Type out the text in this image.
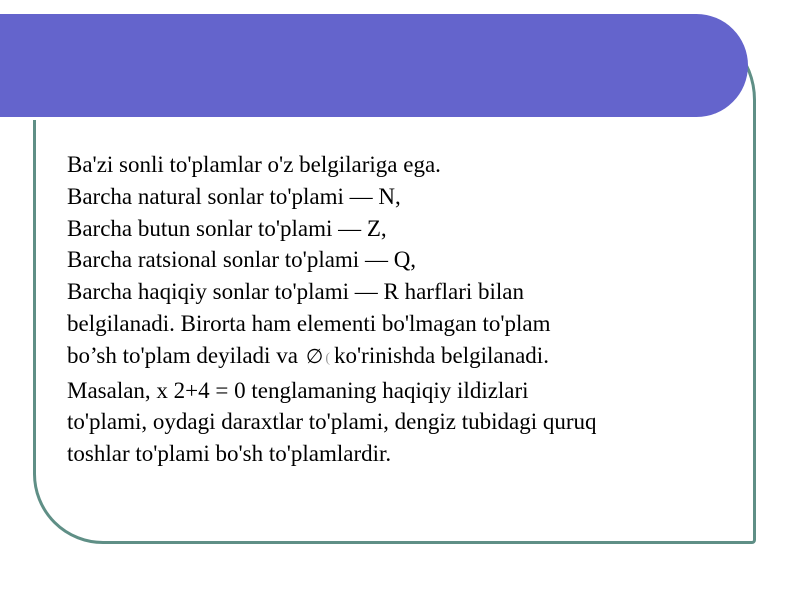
Ba'zi sonli to'plamlar o'z belgilariga ega.
Barcha natural sonlar to'plami — N,
Barcha butun sonlar to'plami — Z,
Barcha ratsional sonlar to'plami — Q,
Barcha haqiqiy sonlar to'plami — R harflari bilan
belgilanadi. Birorta ham elementi bo'lmagan to'plam
bo’sh to'plam deyiladi va ∅ ( ko'rinishda belgilanadi.
Masalan, x 2+4 = 0 tenglamaning haqiqiy ildizlari
to'plami, oydagi daraxtlar to'plami, dengiz tubidagi quruq
toshlar to'plami bo'sh to'plamlardir.
